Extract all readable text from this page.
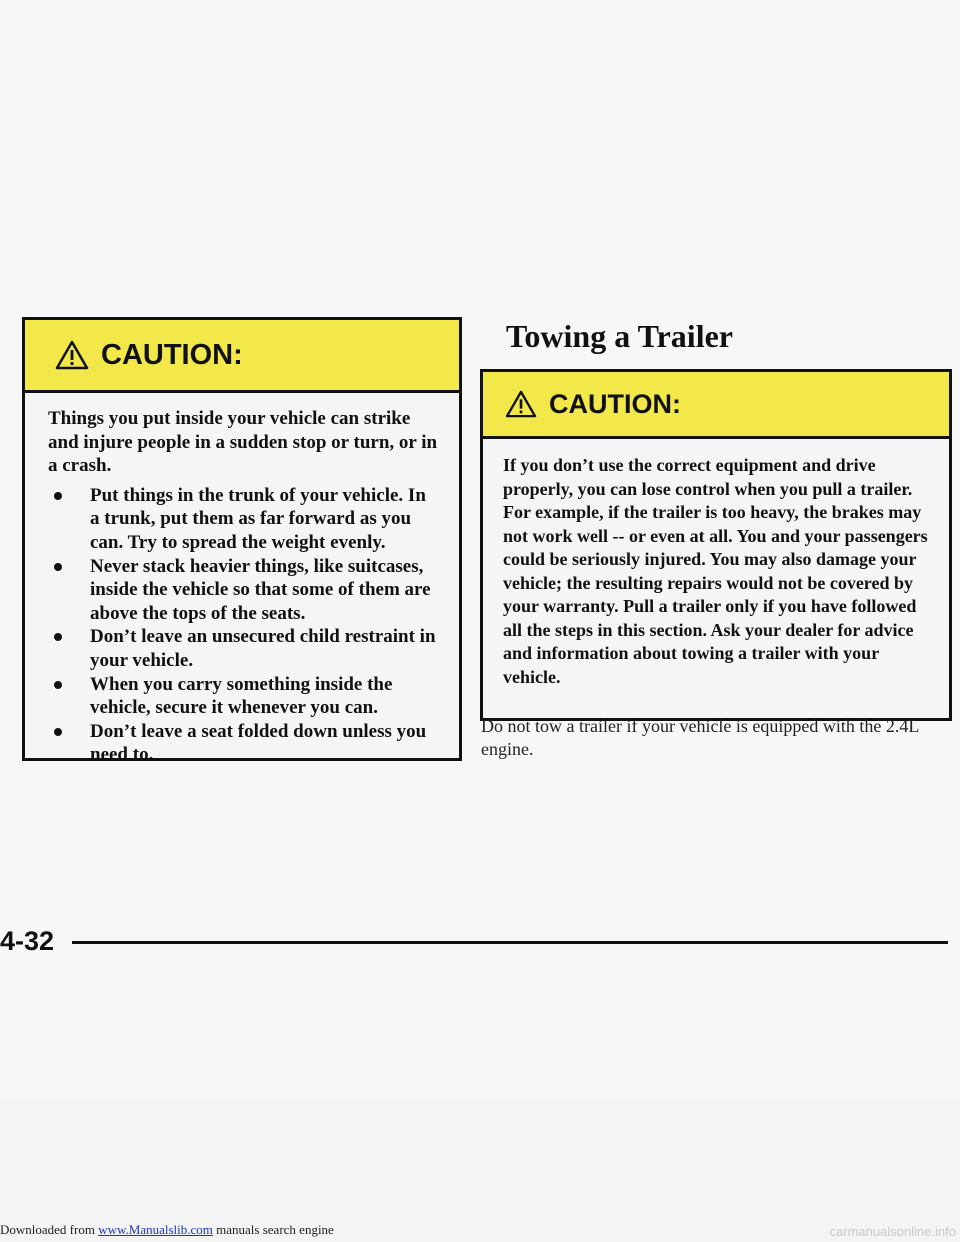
CAUTION:

Things you put inside your vehicle can strike and injure people in a sudden stop or turn, or in a crash.

Put things in the trunk of your vehicle. In a trunk, put them as far forward as you can. Try to spread the weight evenly.
Never stack heavier things, like suitcases, inside the vehicle so that some of them are above the tops of the seats.
Don’t leave an unsecured child restraint in your vehicle.
When you carry something inside the vehicle, secure it whenever you can.
Don’t leave a seat folded down unless you need to.
Towing a Trailer
CAUTION:

If you don’t use the correct equipment and drive properly, you can lose control when you pull a trailer. For example, if the trailer is too heavy, the brakes may not work well -- or even at all. You and your passengers could be seriously injured. You may also damage your vehicle; the resulting repairs would not be covered by your warranty. Pull a trailer only if you have followed all the steps in this section. Ask your dealer for advice and information about towing a trailer with your vehicle.

Do not tow a trailer if your vehicle is equipped with the 2.4L engine.

4-32
Downloaded from www.Manualslib.com manuals search engine	carmanualsonline.info
